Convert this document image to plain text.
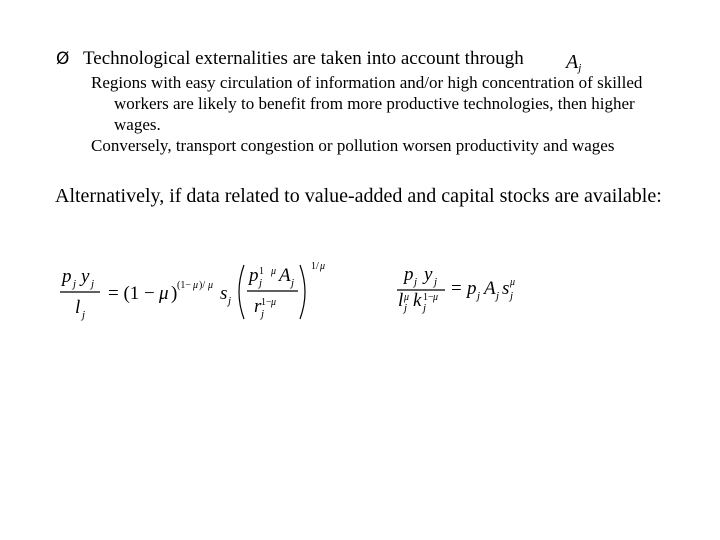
Ø Technological externalities are taken into account through $A_j$
Regions with easy circulation of information and/or high concentration of skilled
workers are likely to benefit from more productive technologies, then higher
wages.
Conversely, transport congestion or pollution worsen productivity and wages
Alternatively, if data related to value-added and capital stocks are available:
p j y j
l j
= (1 − μ ) (1− μ )/ μ s j
p 1 μ
j A j
r 1− μ
j
1/ μ	p j y j
l μ
j k 1− μ
j
= p j A j s μ
j
